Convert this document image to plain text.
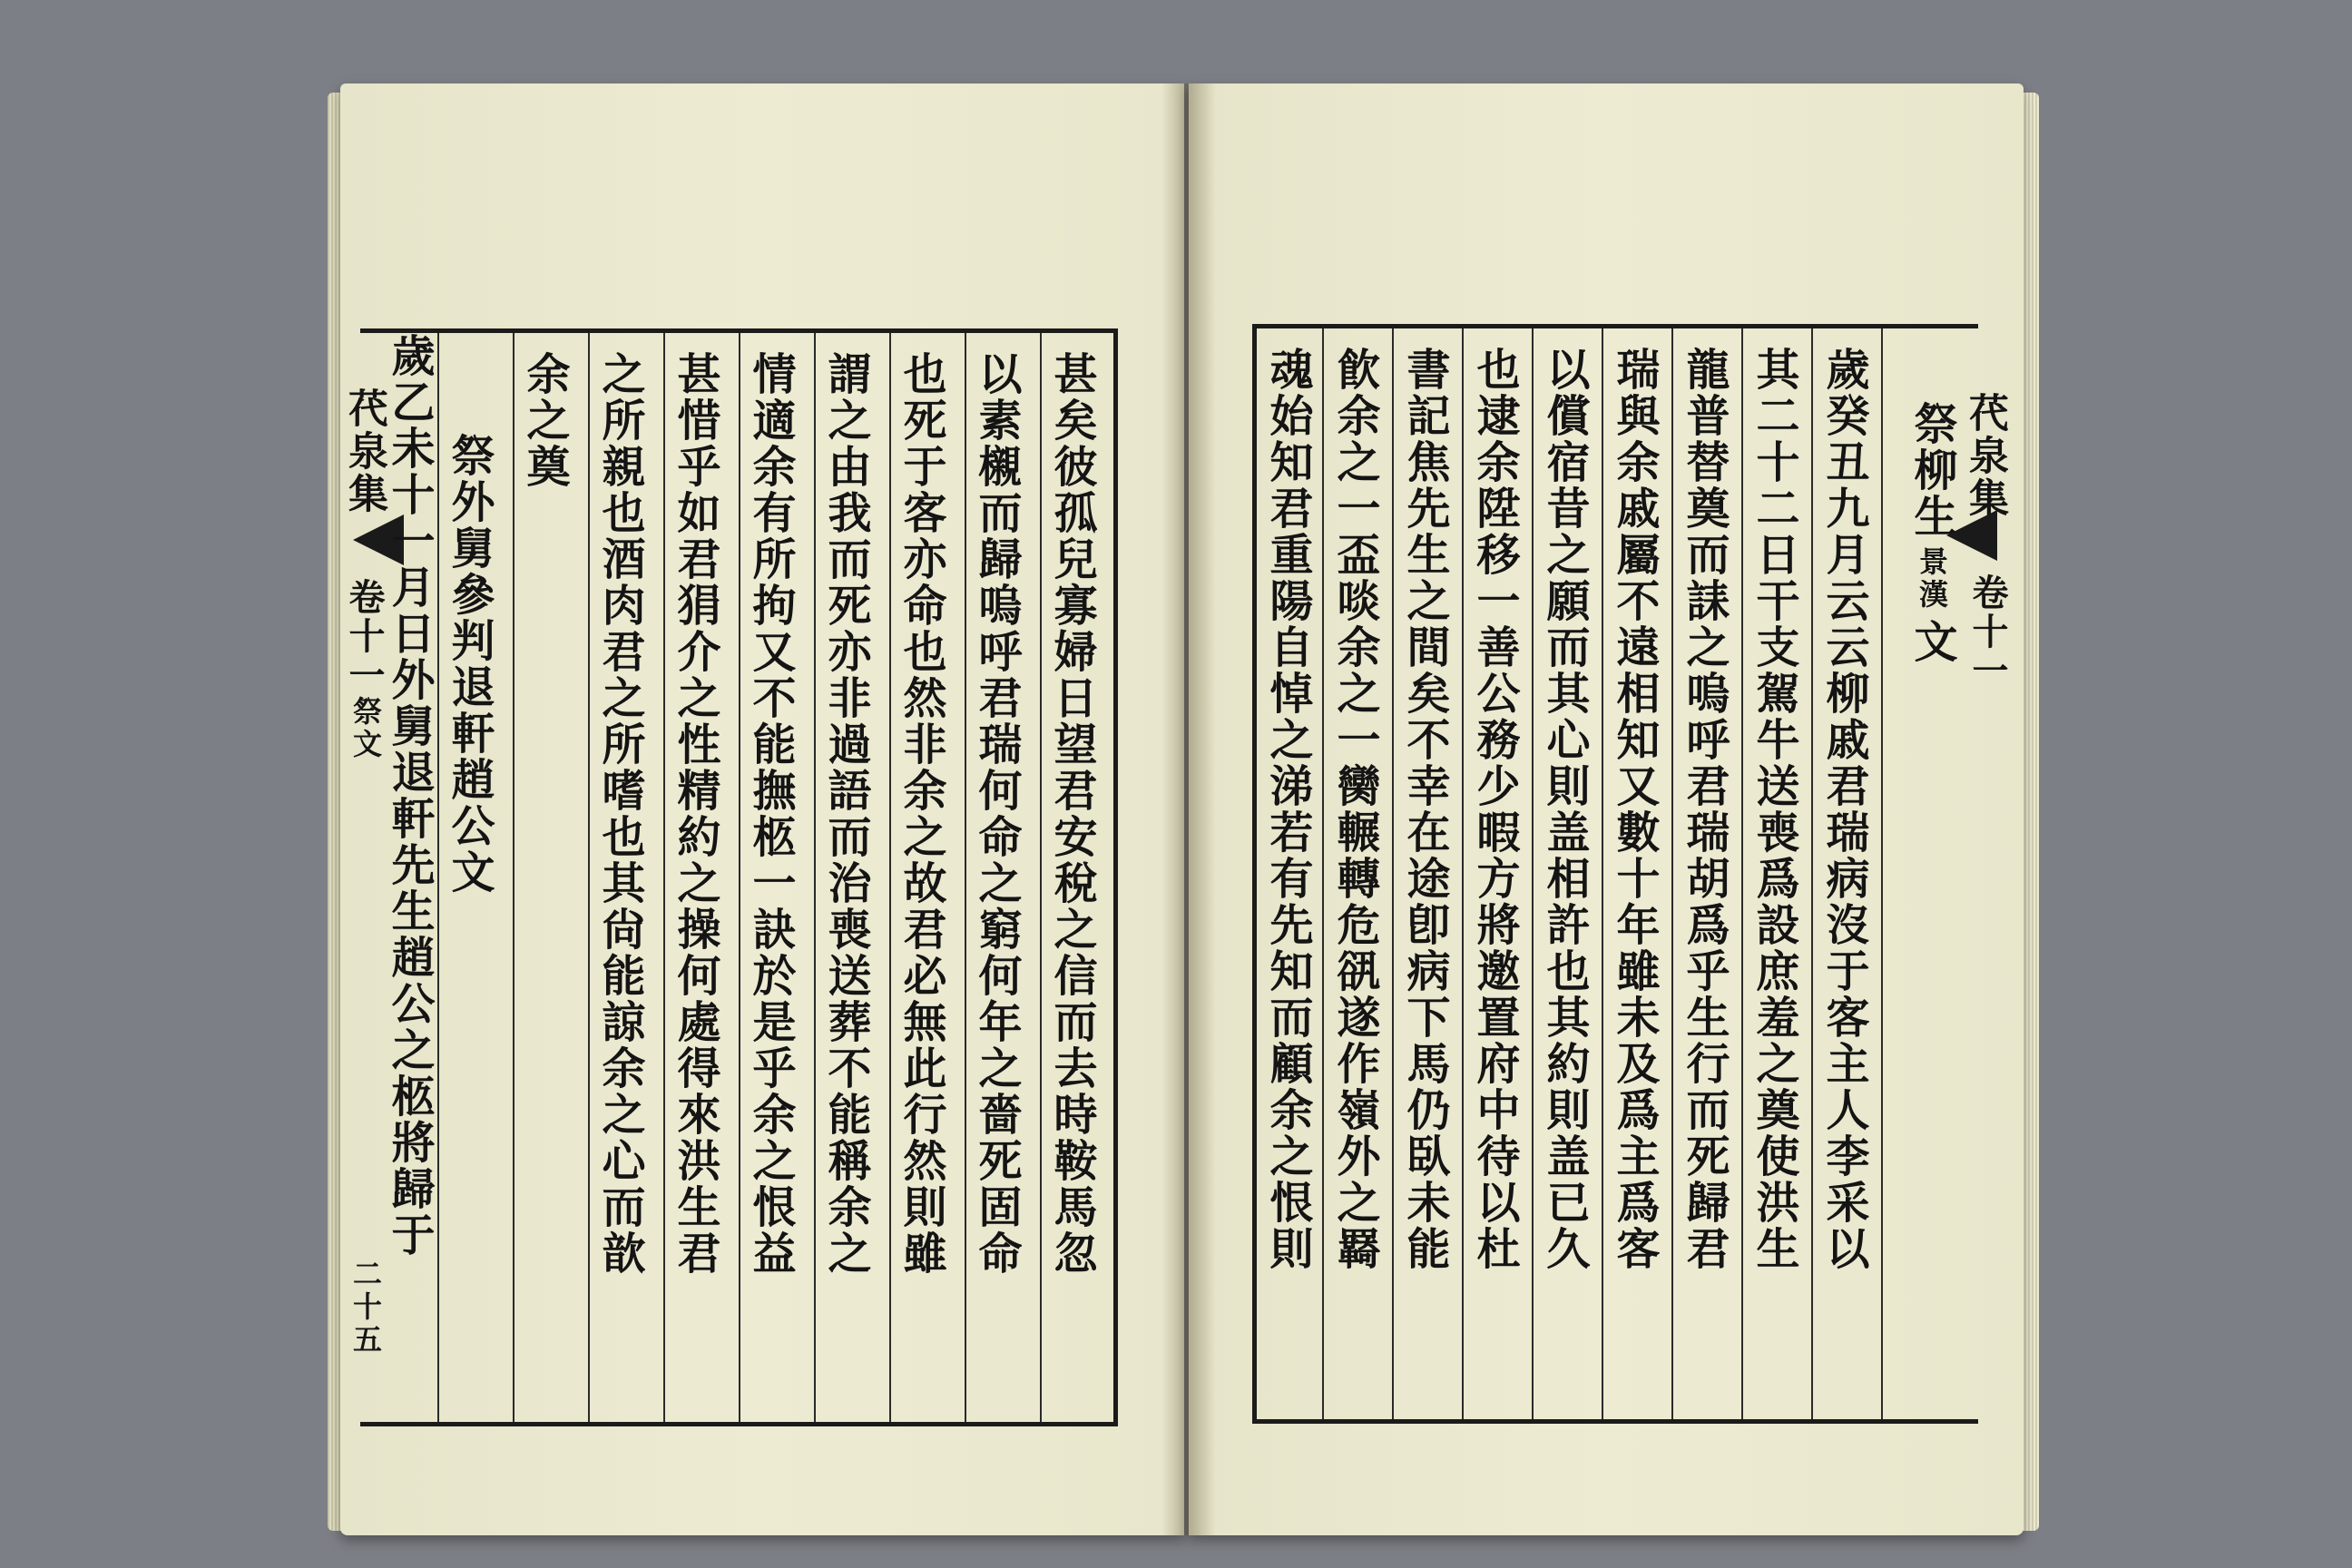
䒫泉集
卷十一
祭文
二十五
甚矣彼孤兒寡婦日望君安稅之信而去時鞍馬忽
以素櫬而歸嗚呼君瑞何命之窮何年之嗇死固命
也死于客亦命也然非余之故君必無此行然則雖
謂之由我而死亦非過語而治喪送葬不能稱余之
情適余有所拘又不能撫柩一訣於是乎余之恨益
甚惜乎如君狷介之性精約之操何處得來洪生君
之所親也酒肉君之所嗜也其尙能諒余之心而歆
余之奠
祭外舅參判退軒趙公文
歲乙未十一月日外舅退軒先生趙公之柩將歸于	祭柳生
景漢
文
歲癸丑九月云云柳戚君瑞病沒于客主人李采以
其二十二日干支駕牛送喪爲設庶羞之奠使洪生
龍普替奠而誄之嗚呼君瑞胡爲乎生行而死歸君
瑞與余戚屬不遠相知又數十年雖未及爲主爲客
以償宿昔之願而其心則盖相許也其約則盖已久
也逮余陞移一善公務少暇方將邀置府中待以杜
書記焦先生之間矣不幸在途卽病下馬仍臥未能
飮余之一盃啖余之一臠輾轉危谻遂作嶺外之羇
魂始知君重陽自悼之涕若有先知而顧余之恨則	䒫泉集
卷十一
